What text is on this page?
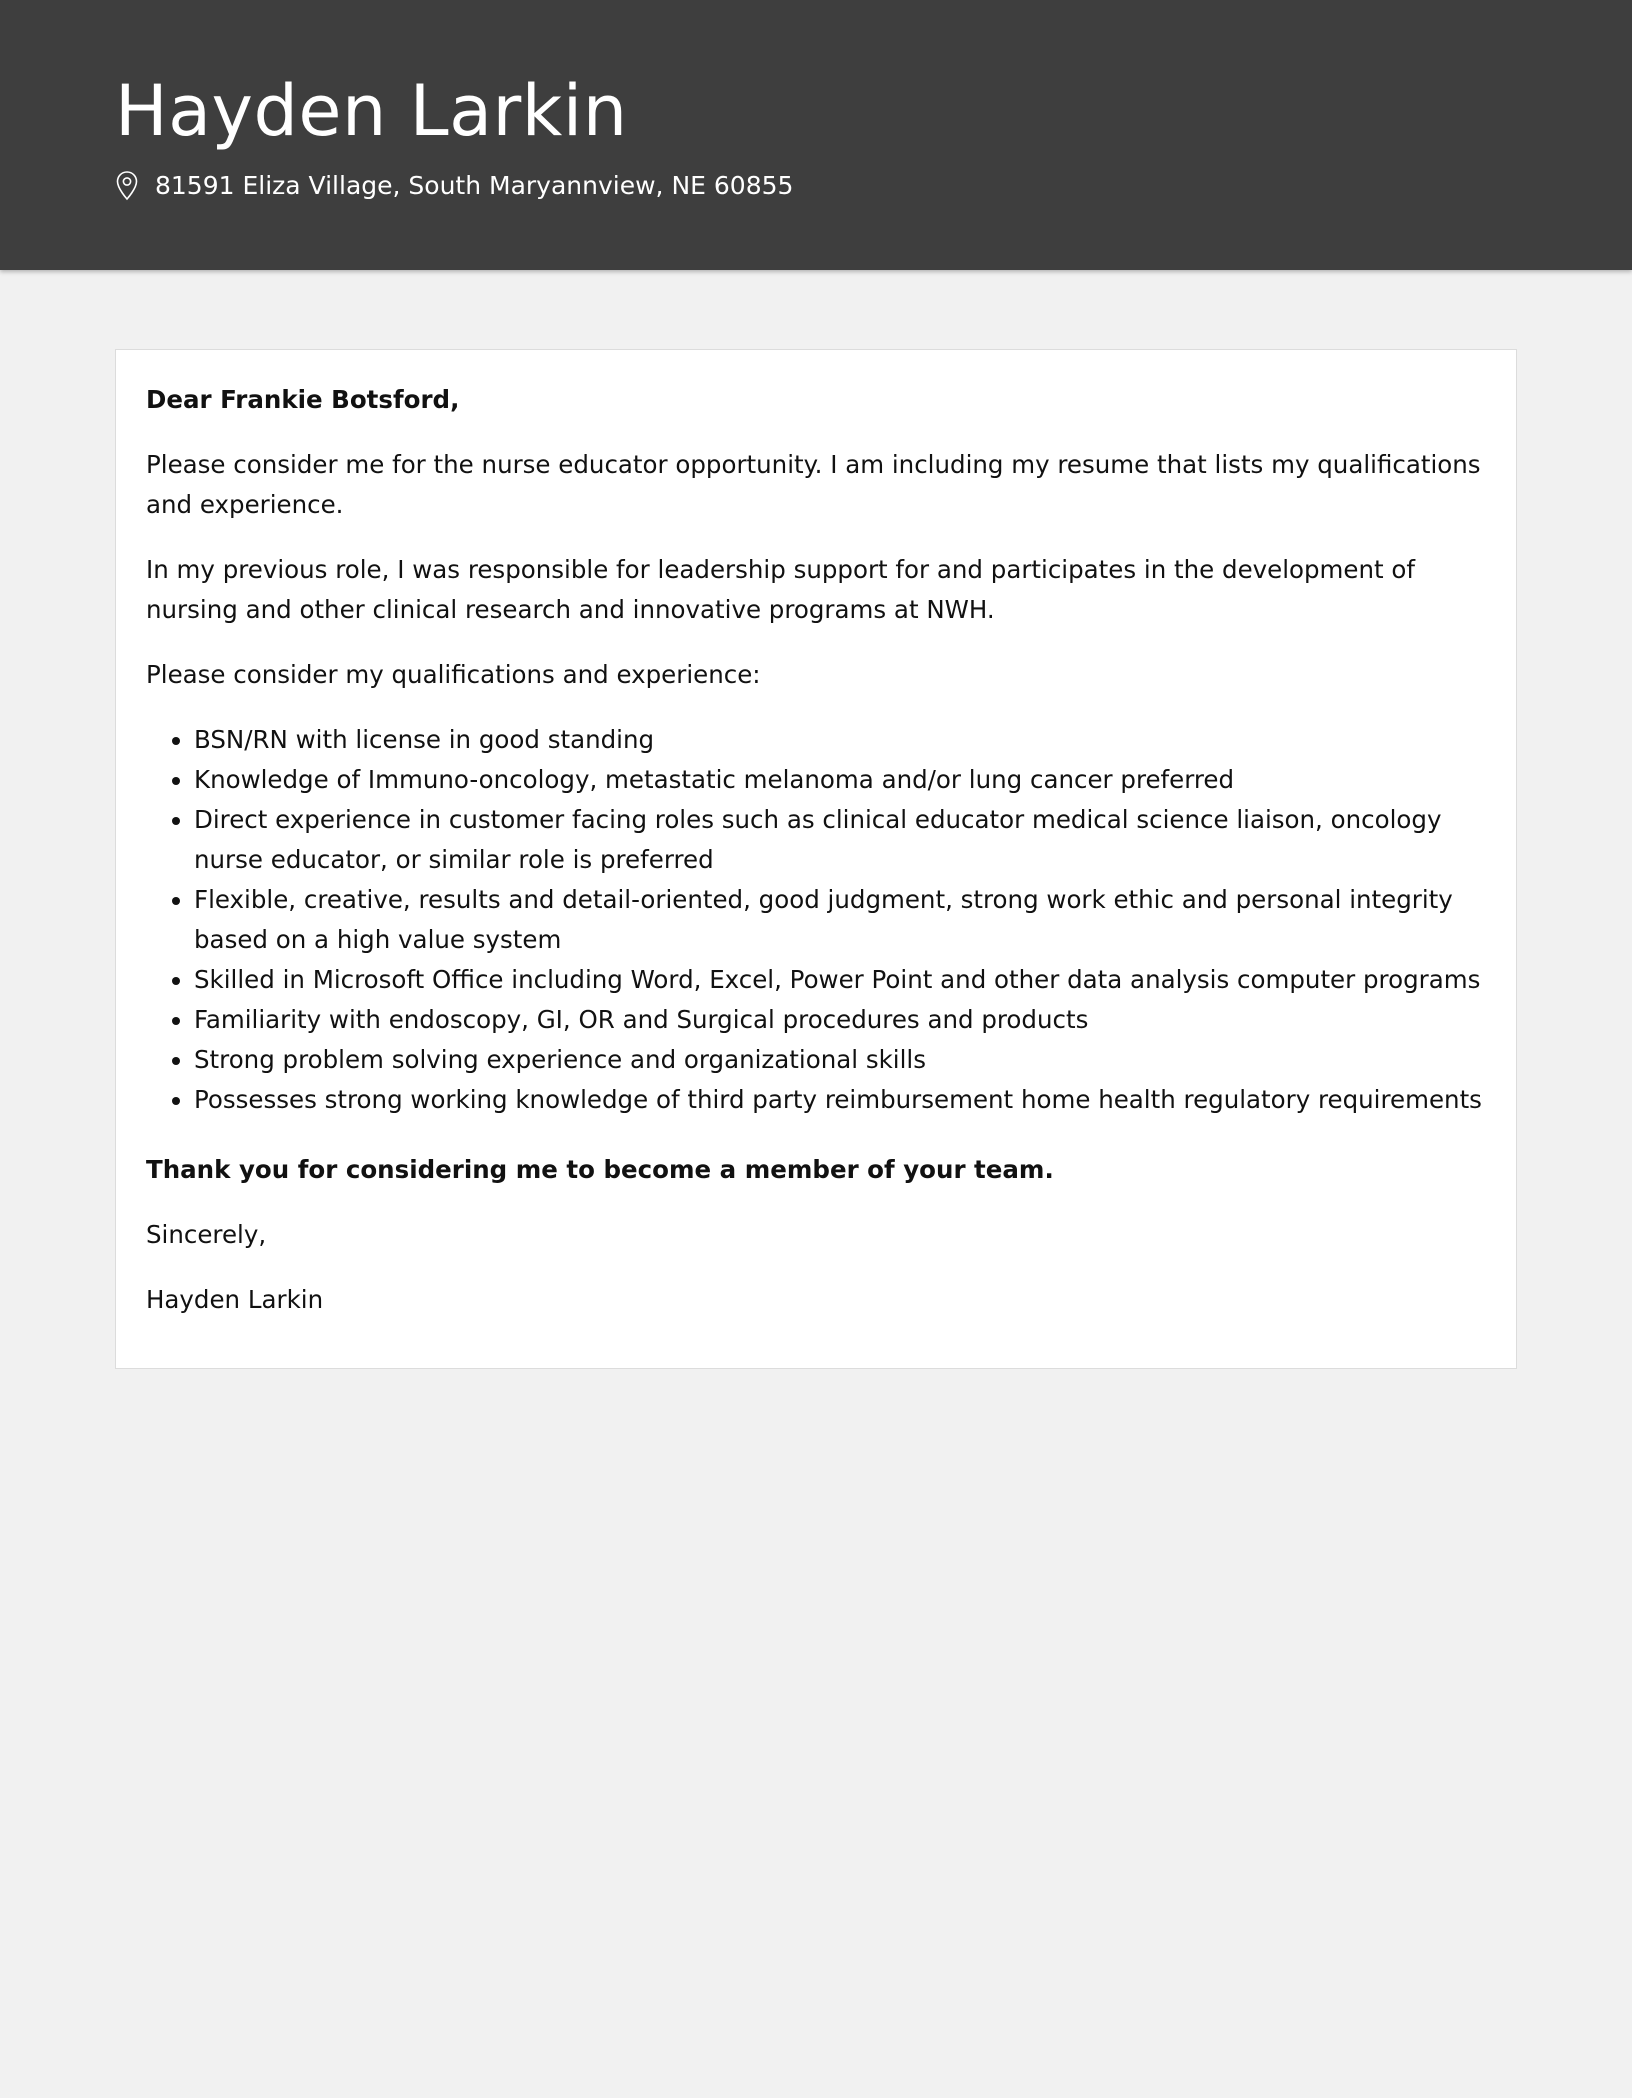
Hayden Larkin
81591 Eliza Village, South Maryannview, NE 60855

Dear Frankie Botsford,

Please consider me for the nurse educator opportunity. I am including my resume that lists my qualifications and experience.

In my previous role, I was responsible for leadership support for and participates in the development of nursing and other clinical research and innovative programs at NWH.

Please consider my qualifications and experience:

• BSN/RN with license in good standing
• Knowledge of Immuno-oncology, metastatic melanoma and/or lung cancer preferred
• Direct experience in customer facing roles such as clinical educator medical science liaison, oncology nurse educator, or similar role is preferred
• Flexible, creative, results and detail-oriented, good judgment, strong work ethic and personal integrity based on a high value system
• Skilled in Microsoft Office including Word, Excel, Power Point and other data analysis computer programs
• Familiarity with endoscopy, GI, OR and Surgical procedures and products
• Strong problem solving experience and organizational skills
• Possesses strong working knowledge of third party reimbursement home health regulatory requirements

Thank you for considering me to become a member of your team.

Sincerely,

Hayden Larkin
